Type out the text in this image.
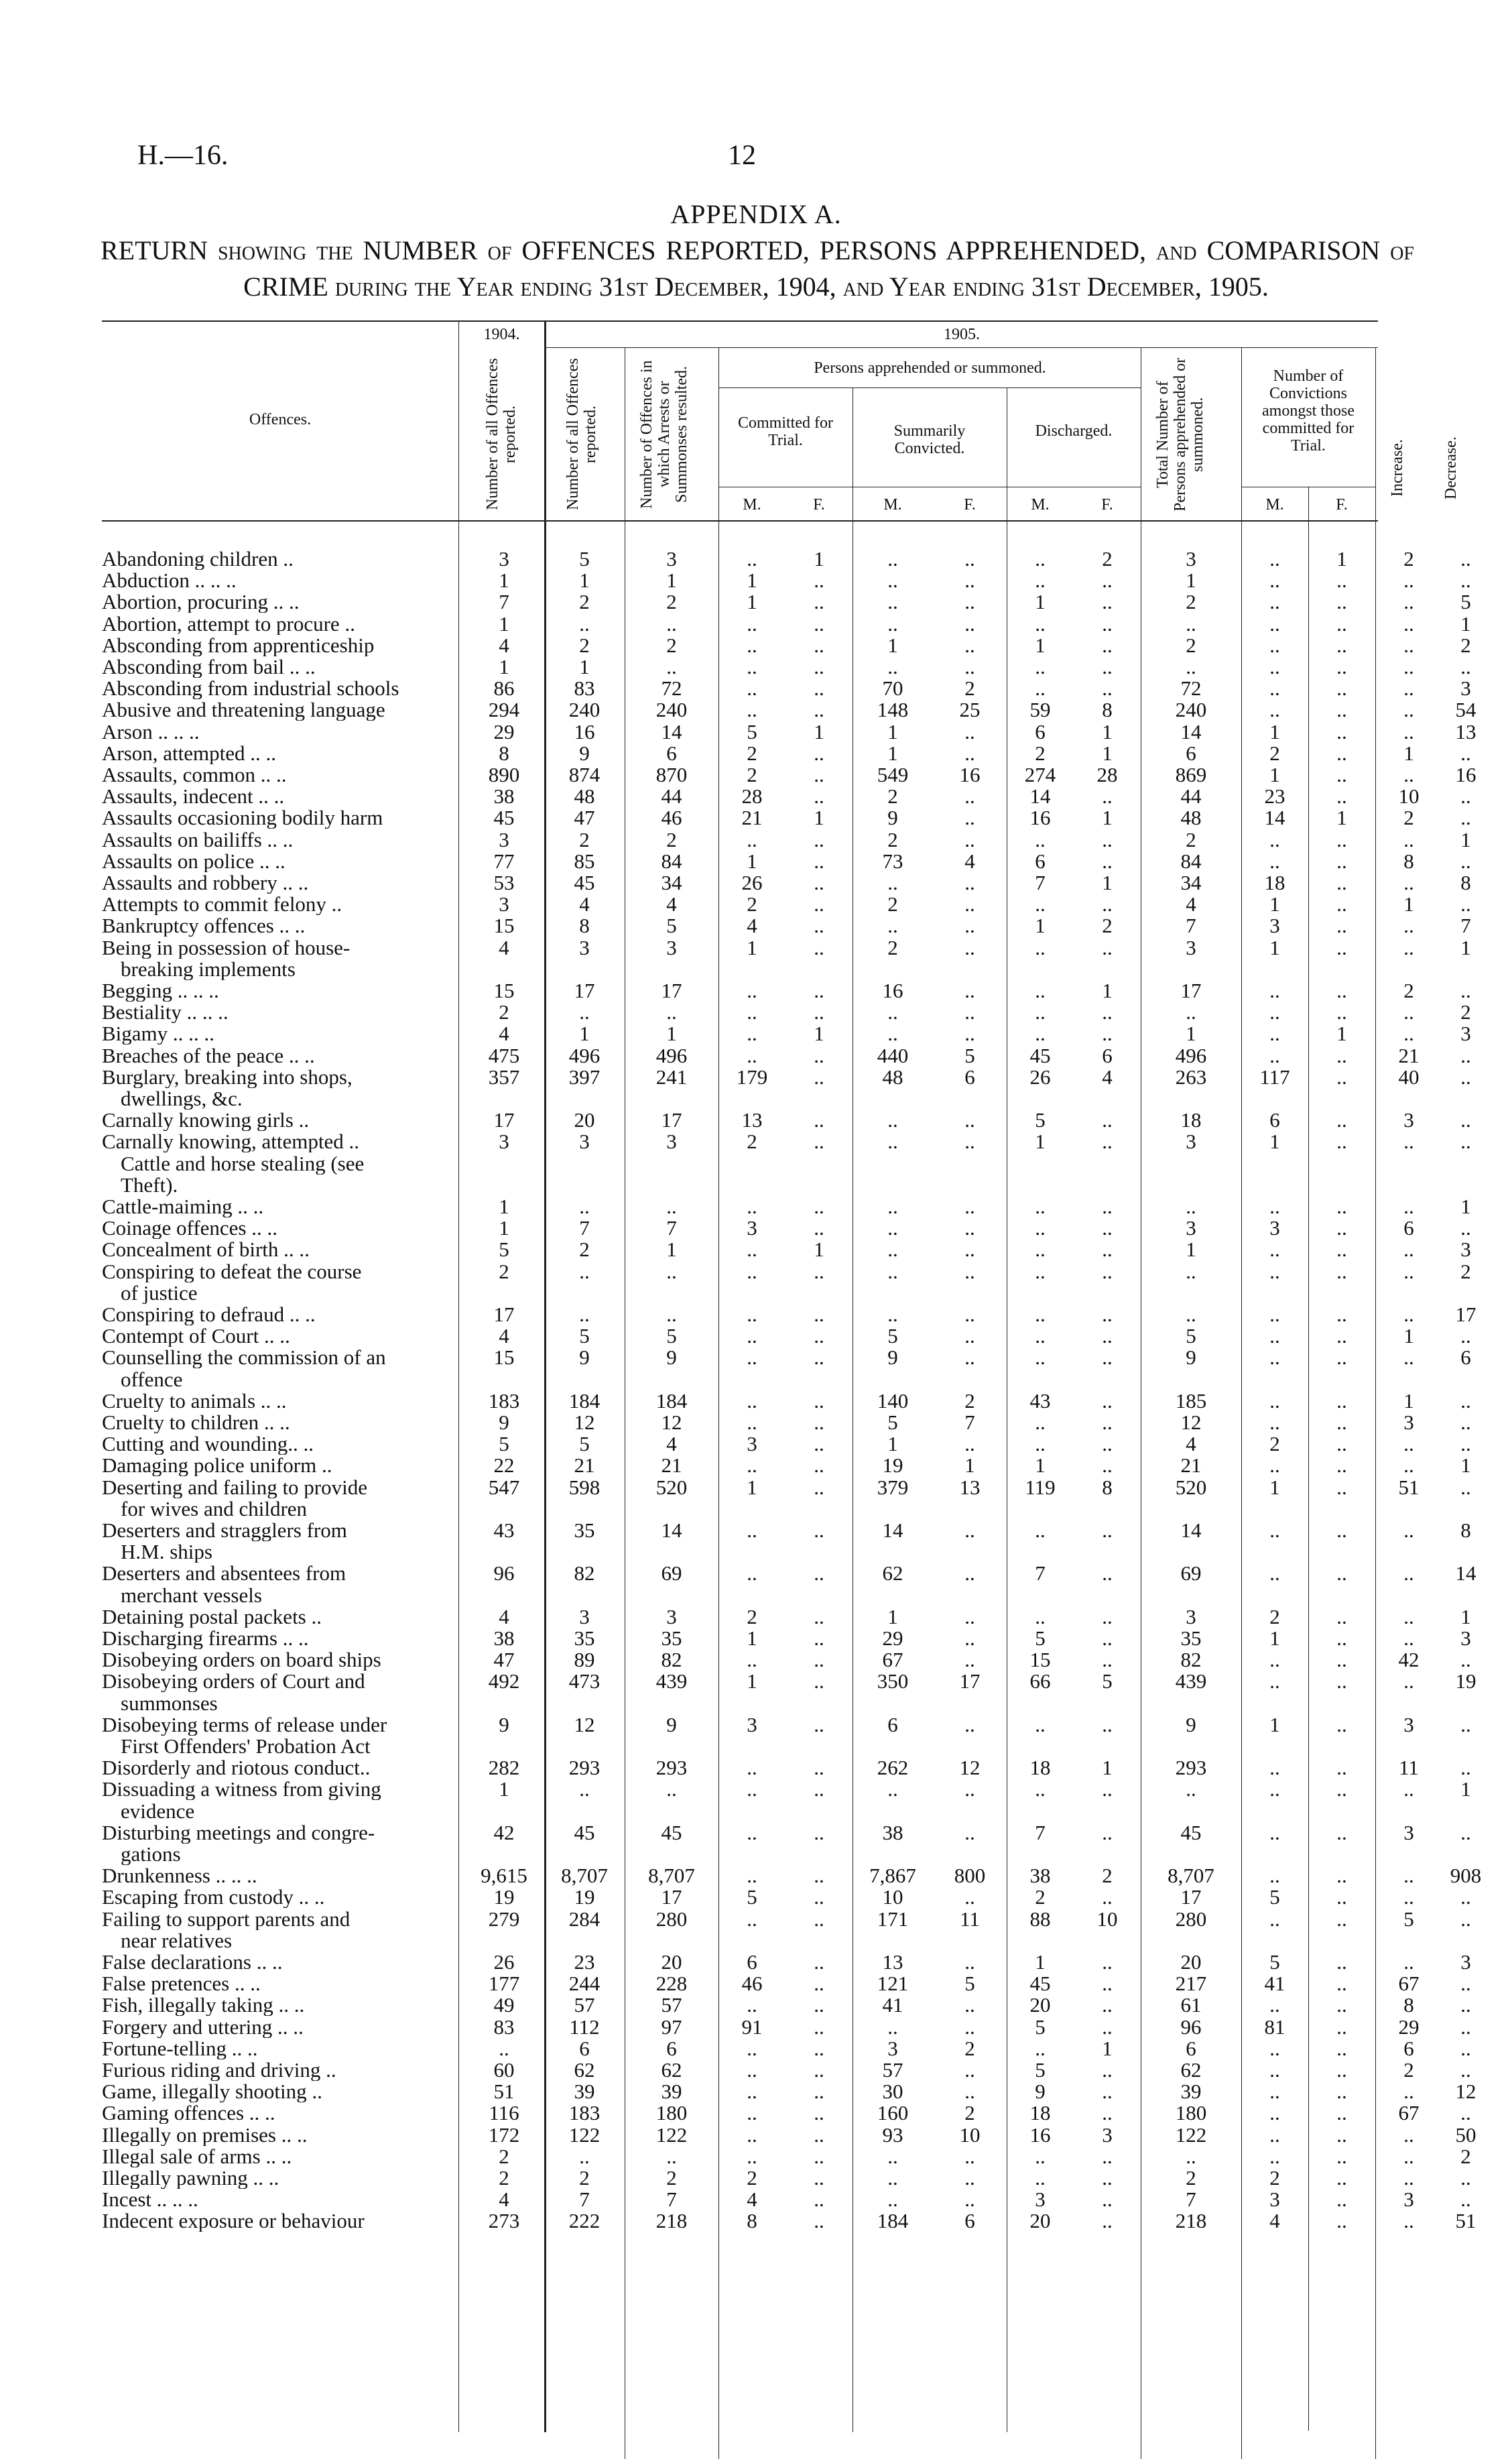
H.—16.	12
APPENDIX A.
RETURN showing the NUMBER of OFFENCES REPORTED, PERSONS APPREHENDED, and COMPARISON of
CRIME during the Year ending 31st December, 1904, and Year ending 31st December, 1905.
Offences.
1904.	1905.
Number of all Offences reported.	Number of all Offences reported.	Number of Offences in which Arrests or Summonses resulted.	Persons apprehended or summoned.
Committed for Trial.
Summarily Convicted.
Discharged.	Total Number of Persons apprehended or summoned.
Number of Convictions amongst those committed for Trial.
M.	F.	M.	F.	M.	F.	M.	F.
Increase.	Decrease.
Abandoning children ..	3	5	3	..	1	..	..	..	2	3	..	1	2	..
Abduction .. .. ..	1	1	1	1	..	..	..	..	..	1	..	..	..	..
Abortion, procuring .. ..	7	2	2	1	..	..	..	1	..	2	..	..	..	5
Abortion, attempt to procure ..	1	..	..	..	..	..	..	..	..	..	..	..	..	1
Absconding from apprenticeship	4	2	2	..	..	1	..	1	..	2	..	..	..	2
Absconding from bail .. ..	1	1	..	..	..	..	..	..	..	..	..	..	..	..
Absconding from industrial schools	86	83	72	..	..	70	2	..	..	72	..	..	..	3
Abusive and threatening language	294	240	240	..	..	148	25	59	8	240	..	..	..	54
Arson .. .. ..	29	16	14	5	1	1	..	6	1	14	1	..	..	13
Arson, attempted .. ..	8	9	6	2	..	1	..	2	1	6	2	..	1	..
Assaults, common .. ..	890	874	870	2	..	549	16	274	28	869	1	..	..	16
Assaults, indecent .. ..	38	48	44	28	..	2	..	14	..	44	23	..	10	..
Assaults occasioning bodily harm	45	47	46	21	1	9	..	16	1	48	14	1	2	..
Assaults on bailiffs .. ..	3	2	2	..	..	2	..	..	..	2	..	..	..	1
Assaults on police .. ..	77	85	84	1	..	73	4	6	..	84	..	..	8	..
Assaults and robbery .. ..	53	45	34	26	..	..	..	7	1	34	18	..	..	8
Attempts to commit felony ..	3	4	4	2	..	2	..	..	..	4	1	..	1	..
Bankruptcy offences .. ..	15	8	5	4	..	..	..	1	2	7	3	..	..	7
Being in possession of house-	4	3	3	1	..	2	..	..	..	3	1	..	..	1
breaking implements
Begging .. .. ..	15	17	17	..	..	16	..	..	1	17	..	..	2	..
Bestiality .. .. ..	2	..	..	..	..	..	..	..	..	..	..	..	..	2
Bigamy .. .. ..	4	1	1	..	1	..	..	..	..	1	..	1	..	3
Breaches of the peace .. ..	475	496	496	..	..	440	5	45	6	496	..	..	21	..
Burglary, breaking into shops,	357	397	241	179	..	48	6	26	4	263	117	..	40	..
dwellings, &c.
Carnally knowing girls ..	17	20	17	13	..	..	..	5	..	18	6	..	3	..
Carnally knowing, attempted ..	3	3	3	2	..	..	..	1	..	3	1	..	..	..
Cattle and horse stealing (see
Theft).
Cattle-maiming .. ..	1	..	..	..	..	..	..	..	..	..	..	..	..	1
Coinage offences .. ..	1	7	7	3	..	..	..	..	..	3	3	..	6	..
Concealment of birth .. ..	5	2	1	..	1	..	..	..	..	1	..	..	..	3
Conspiring to defeat the course	2	..	..	..	..	..	..	..	..	..	..	..	..	2
of justice
Conspiring to defraud .. ..	17	..	..	..	..	..	..	..	..	..	..	..	..	17
Contempt of Court .. ..	4	5	5	..	..	5	..	..	..	5	..	..	1	..
Counselling the commission of an	15	9	9	..	..	9	..	..	..	9	..	..	..	6
offence
Cruelty to animals .. ..	183	184	184	..	..	140	2	43	..	185	..	..	1	..
Cruelty to children .. ..	9	12	12	..	..	5	7	..	..	12	..	..	3	..
Cutting and wounding.. ..	5	5	4	3	..	1	..	..	..	4	2	..	..	..
Damaging police uniform ..	22	21	21	..	..	19	1	1	..	21	..	..	..	1
Deserting and failing to provide	547	598	520	1	..	379	13	119	8	520	1	..	51	..
for wives and children
Deserters and stragglers from	43	35	14	..	..	14	..	..	..	14	..	..	..	8
H.M. ships
Deserters and absentees from	96	82	69	..	..	62	..	7	..	69	..	..	..	14
merchant vessels
Detaining postal packets ..	4	3	3	2	..	1	..	..	..	3	2	..	..	1
Discharging firearms .. ..	38	35	35	1	..	29	..	5	..	35	1	..	..	3
Disobeying orders on board ships	47	89	82	..	..	67	..	15	..	82	..	..	42	..
Disobeying orders of Court and	492	473	439	1	..	350	17	66	5	439	..	..	..	19
summonses
Disobeying terms of release under	9	12	9	3	..	6	..	..	..	9	1	..	3	..
First Offenders' Probation Act
Disorderly and riotous conduct..	282	293	293	..	..	262	12	18	1	293	..	..	11	..
Dissuading a witness from giving	1	..	..	..	..	..	..	..	..	..	..	..	..	1
evidence
Disturbing meetings and congre-	42	45	45	..	..	38	..	7	..	45	..	..	3	..
gations
Drunkenness .. .. ..	9,615	8,707	8,707	..	..	7,867	800	38	2	8,707	..	..	..	908
Escaping from custody .. ..	19	19	17	5	..	10	..	2	..	17	5	..	..	..
Failing to support parents and	279	284	280	..	..	171	11	88	10	280	..	..	5	..
near relatives
False declarations .. ..	26	23	20	6	..	13	..	1	..	20	5	..	..	3
False pretences .. ..	177	244	228	46	..	121	5	45	..	217	41	..	67	..
Fish, illegally taking .. ..	49	57	57	..	..	41	..	20	..	61	..	..	8	..
Forgery and uttering .. ..	83	112	97	91	..	..	..	5	..	96	81	..	29	..
Fortune-telling .. ..	..	6	6	..	..	3	2	..	1	6	..	..	6	..
Furious riding and driving ..	60	62	62	..	..	57	..	5	..	62	..	..	2	..
Game, illegally shooting ..	51	39	39	..	..	30	..	9	..	39	..	..	..	12
Gaming offences .. ..	116	183	180	..	..	160	2	18	..	180	..	..	67	..
Illegally on premises .. ..	172	122	122	..	..	93	10	16	3	122	..	..	..	50
Illegal sale of arms .. ..	2	..	..	..	..	..	..	..	..	..	..	..	..	2
Illegally pawning .. ..	2	2	2	2	..	..	..	..	..	2	2	..	..	..
Incest .. .. ..	4	7	7	4	..	..	..	3	..	7	3	..	3	..
Indecent exposure or behaviour	273	222	218	8	..	184	6	20	..	218	4	..	..	51
